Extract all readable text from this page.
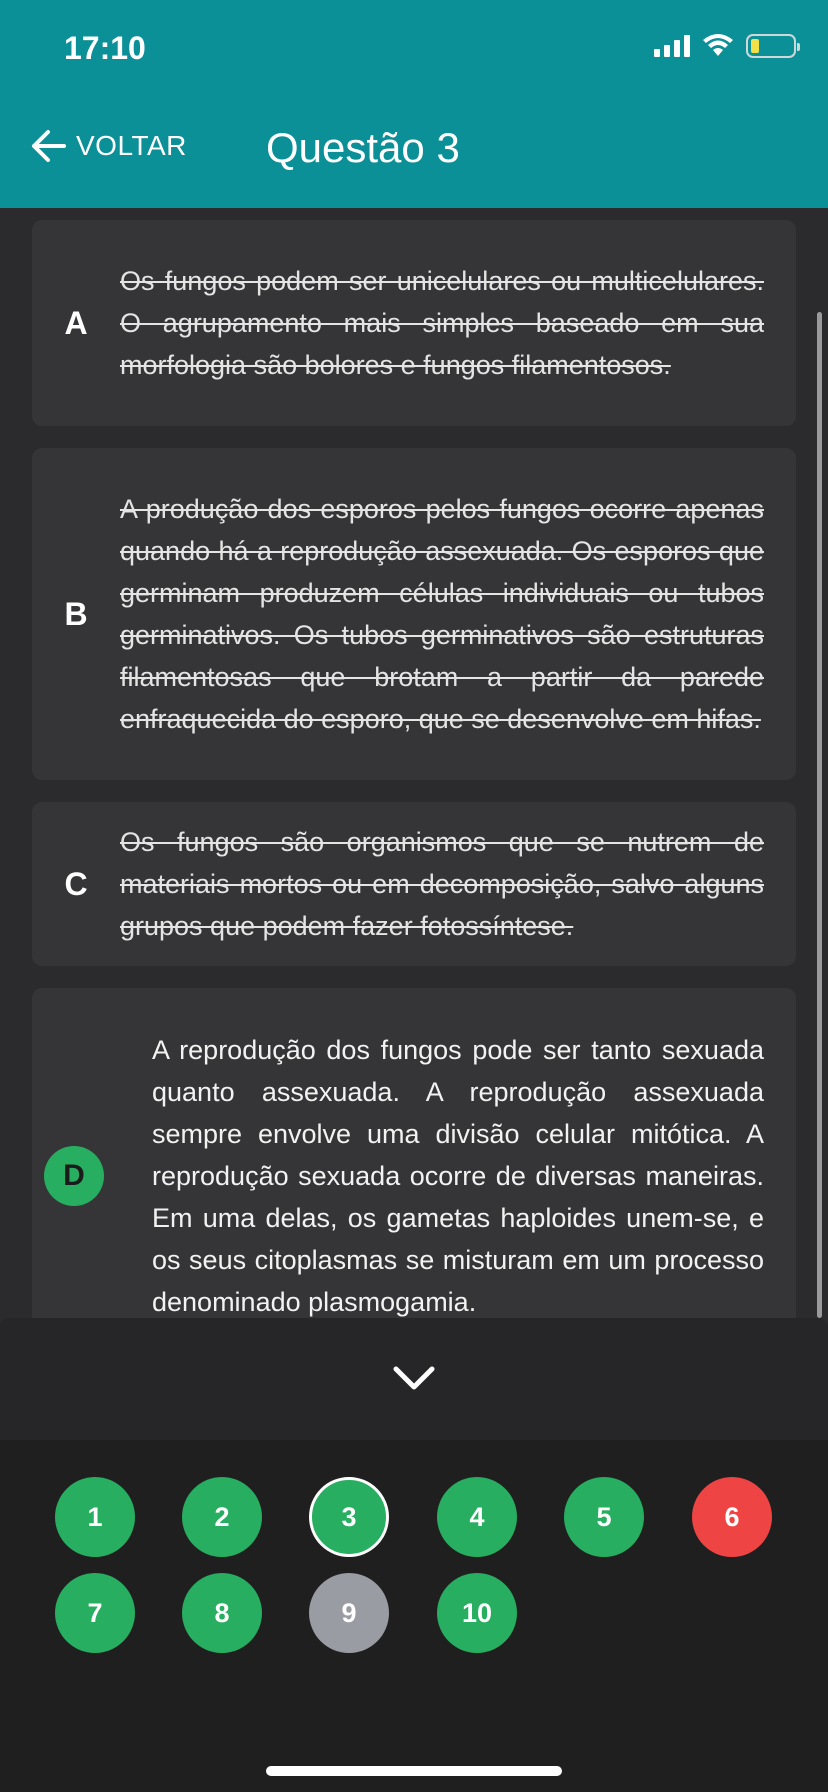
17:10
VOLTAR Questão 3
A
Os fungos podem ser unicelulares ou multicelulares. O agrupamento mais simples baseado em sua morfologia são bolores e fungos filamentosos.
B
A produção dos esporos pelos fungos ocorre apenas quando há a reprodução assexuada. Os esporos que germinam produzem células individuais ou tubos germinativos. Os tubos germinativos são estruturas filamentosas que brotam a partir da parede enfraquecida do esporo, que se desenvolve em hifas.
C
Os fungos são organismos que se nutrem de materiais mortos ou em decomposição, salvo alguns grupos que podem fazer fotossíntese.
D
A reprodução dos fungos pode ser tanto sexuada quanto assexuada. A reprodução assexuada sempre envolve uma divisão celular mitótica. A reprodução sexuada ocorre de diversas maneiras. Em uma delas, os gametas haploides unem-se, e os seus citoplasmas se misturam em um processo denominado plasmogamia.
1	2	3	4	5	6
7	8	9	10
